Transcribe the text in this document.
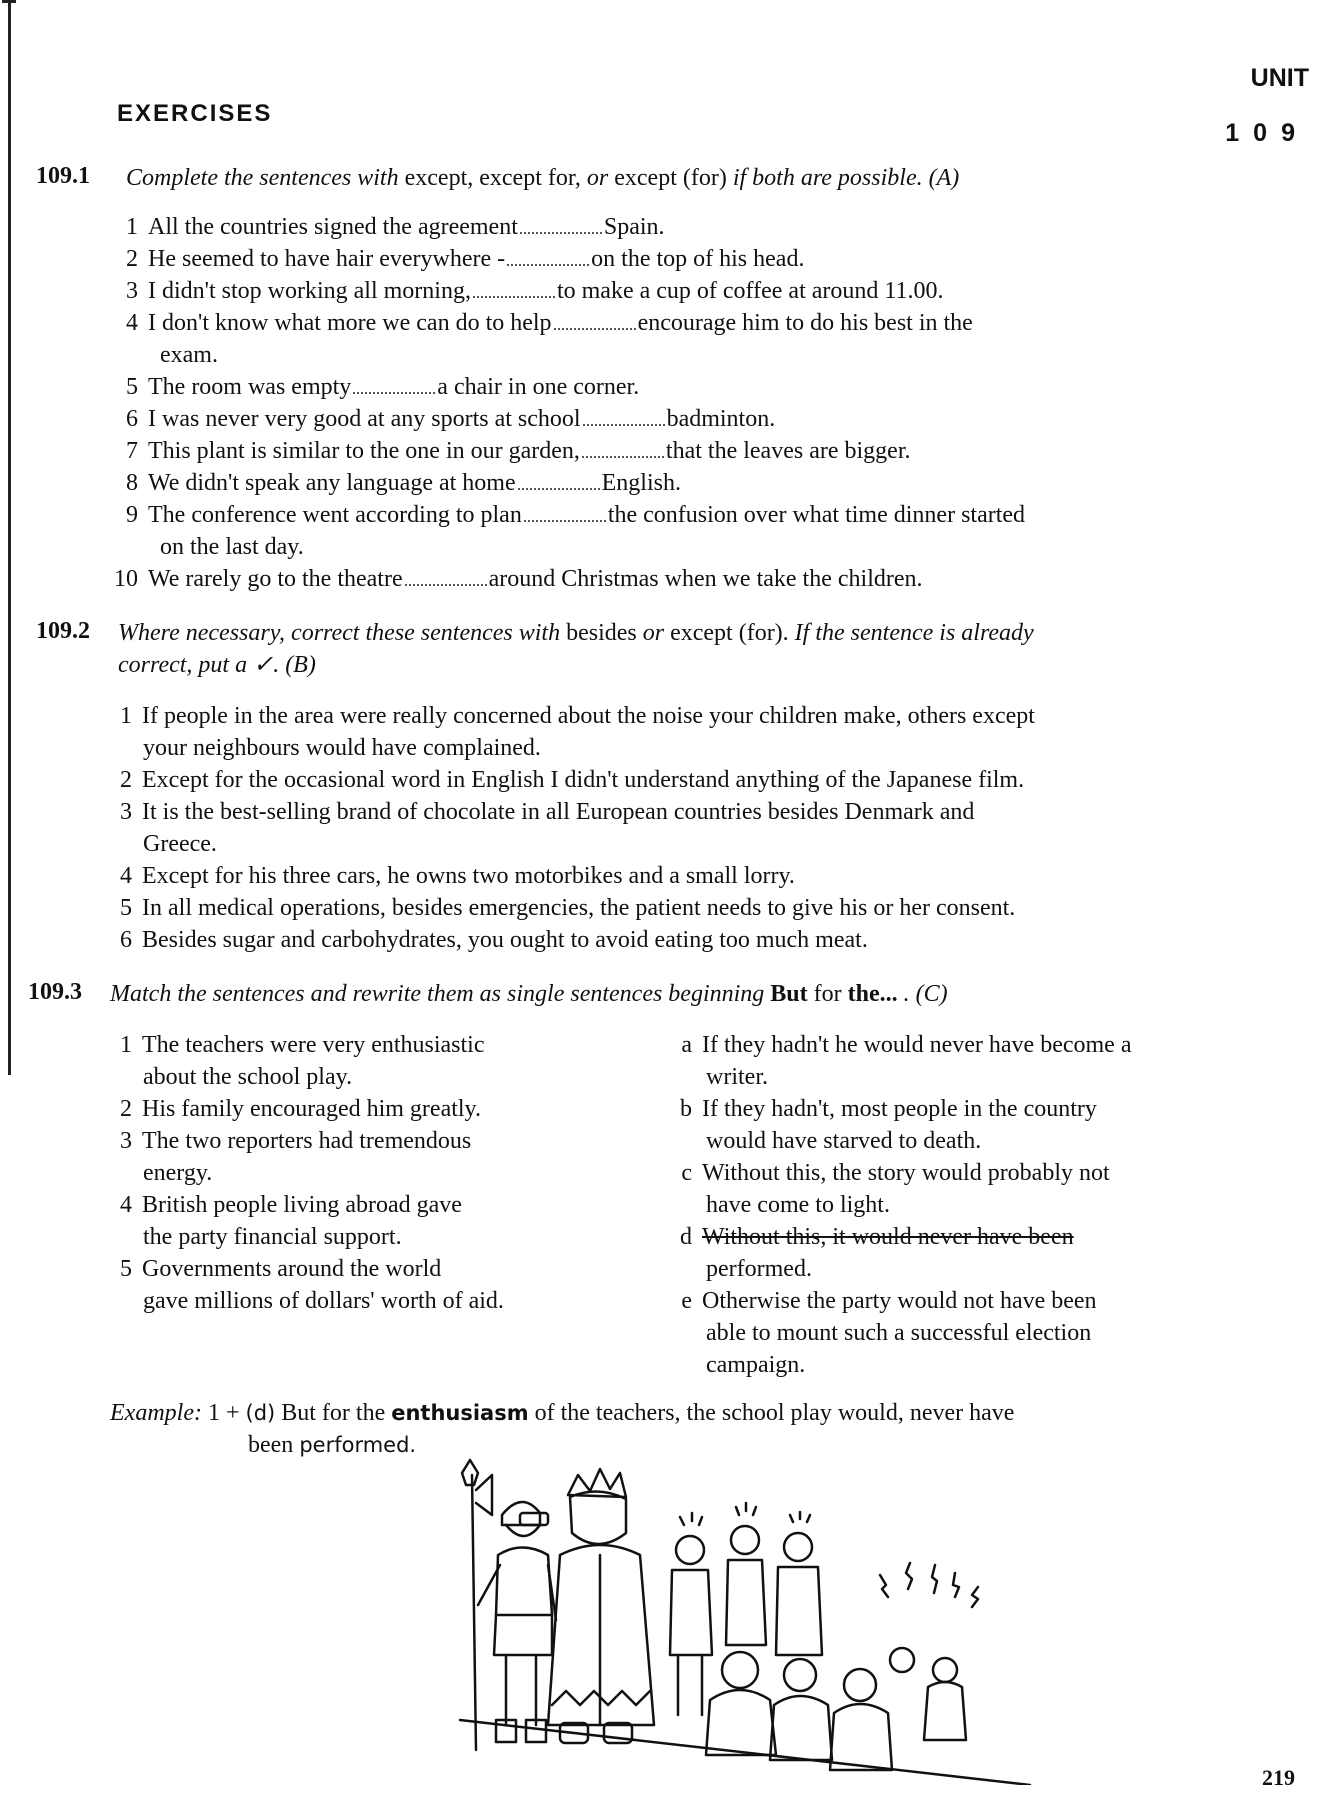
UNIT
109
EXERCISES
109.1 Complete the sentences with except, except for, or except (for) if both are possible. (A)
1 All the countries signed the agreement	Spain.
2 He seemed to have hair everywhere -	on the top of his head.
3 I didn't stop working all morning,	to make a cup of coffee at around 11.00.
4 I don't know what more we can do to help	encourage him to do his best in the
exam.
5 The room was empty	a chair in one corner.
6 I was never very good at any sports at school	badminton.
7 This plant is similar to the one in our garden,	that the leaves are bigger.
8 We didn't speak any language at home	English.
9 The conference went according to plan	the confusion over what time dinner started
on the last day.
10 We rarely go to the theatre	around Christmas when we take the children.
109.2 Where necessary, correct these sentences with besides or except (for). If the sentence is already
correct, put a ✓. (B)
1 If people in the area were really concerned about the noise your children make, others except
your neighbours would have complained.
2 Except for the occasional word in English I didn't understand anything of the Japanese film.
3 It is the best-selling brand of chocolate in all European countries besides Denmark and
Greece.
4 Except for his three cars, he owns two motorbikes and a small lorry.
5 In all medical operations, besides emergencies, the patient needs to give his or her consent.
6 Besides sugar and carbohydrates, you ought to avoid eating too much meat.
109.3 Match the sentences and rewrite them as single sentences beginning But for the... . (C)
1 The teachers were very enthusiastic
about the school play.
2 His family encouraged him greatly.
3 The two reporters had tremendous
energy.
4 British people living abroad gave
the party financial support.
5 Governments around the world
gave millions of dollars' worth of aid.
a If they hadn't he would never have become a
writer.
b If they hadn't, most people in the country
would have starved to death.
c Without this, the story would probably not
have come to light.
d Without this, it would never have been
performed.
e Otherwise the party would not have been
able to mount such a successful election
campaign.
Example: 1 + (d) But for the enthusiasm of the teachers, the school play would, never have
been performed.
219
